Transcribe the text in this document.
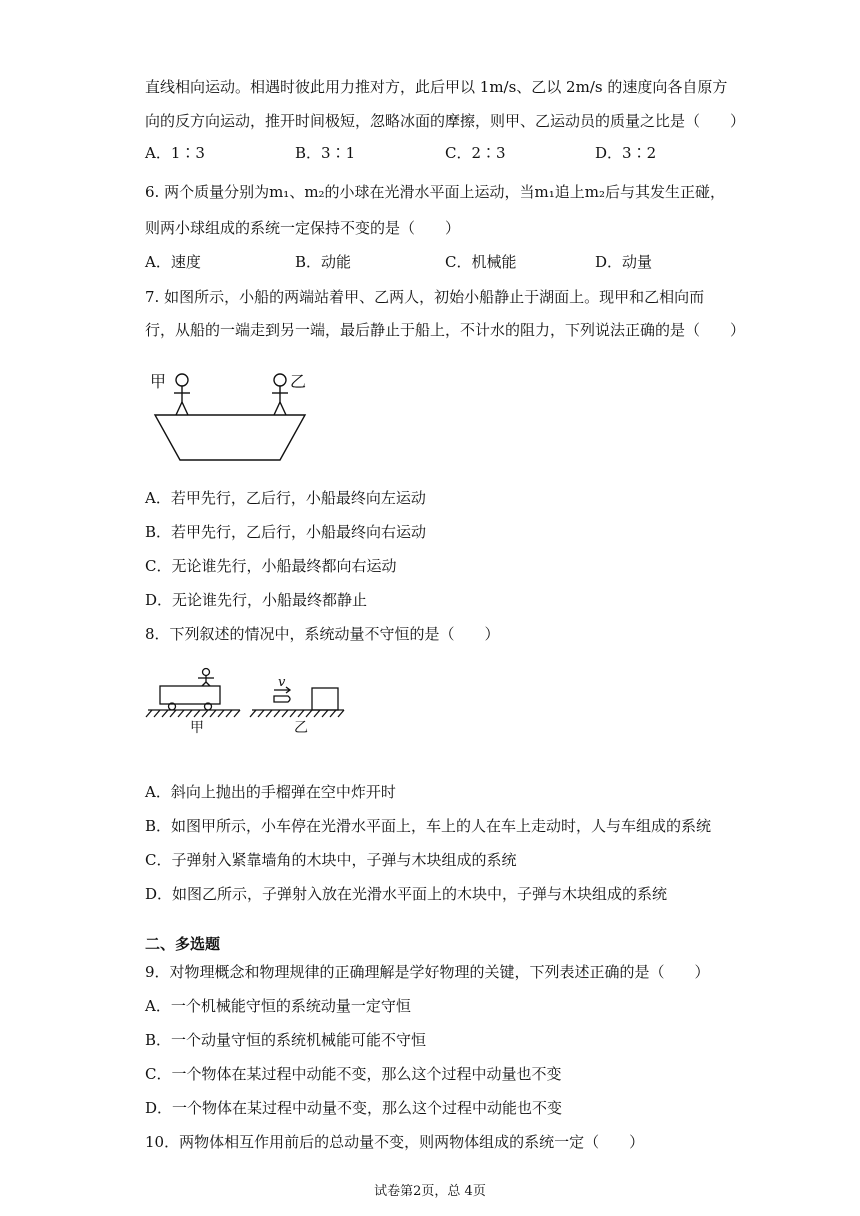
直线相向运动。相遇时彼此用力推对方，此后甲以 1m/s、乙以 2m/s 的速度向各自原方
向的反方向运动，推开时间极短，忽略冰面的摩擦，则甲、乙运动员的质量之比是（　　）
A．1∶3	B．3∶1	C．2∶3	D．3∶2
6. 两个质量分别为m₁、m₂的小球在光滑水平面上运动，当m₁追上m₂后与其发生正碰，
则两小球组成的系统一定保持不变的是（　　）
A．速度	B．动能	C．机械能	D．动量
7. 如图所示，小船的两端站着甲、乙两人，初始小船静止于湖面上。现甲和乙相向而
行，从船的一端走到另一端，最后静止于船上，不计水的阻力，下列说法正确的是（　　）
甲	乙
A．若甲先行，乙后行，小船最终向左运动
B．若甲先行，乙后行，小船最终向右运动
C．无论谁先行，小船最终都向右运动
D．无论谁先行，小船最终都静止
8．下列叙述的情况中，系统动量不守恒的是（　　）
v
甲	乙
A．斜向上抛出的手榴弹在空中炸开时
B．如图甲所示，小车停在光滑水平面上，车上的人在车上走动时，人与车组成的系统
C．子弹射入紧靠墙角的木块中，子弹与木块组成的系统
D．如图乙所示，子弹射入放在光滑水平面上的木块中，子弹与木块组成的系统
二、多选题
9．对物理概念和物理规律的正确理解是学好物理的关键，下列表述正确的是（　　）
A．一个机械能守恒的系统动量一定守恒
B．一个动量守恒的系统机械能可能不守恒
C．一个物体在某过程中动能不变，那么这个过程中动量也不变
D．一个物体在某过程中动量不变，那么这个过程中动能也不变
10．两物体相互作用前后的总动量不变，则两物体组成的系统一定（　　）
试卷第2页，总 4页
